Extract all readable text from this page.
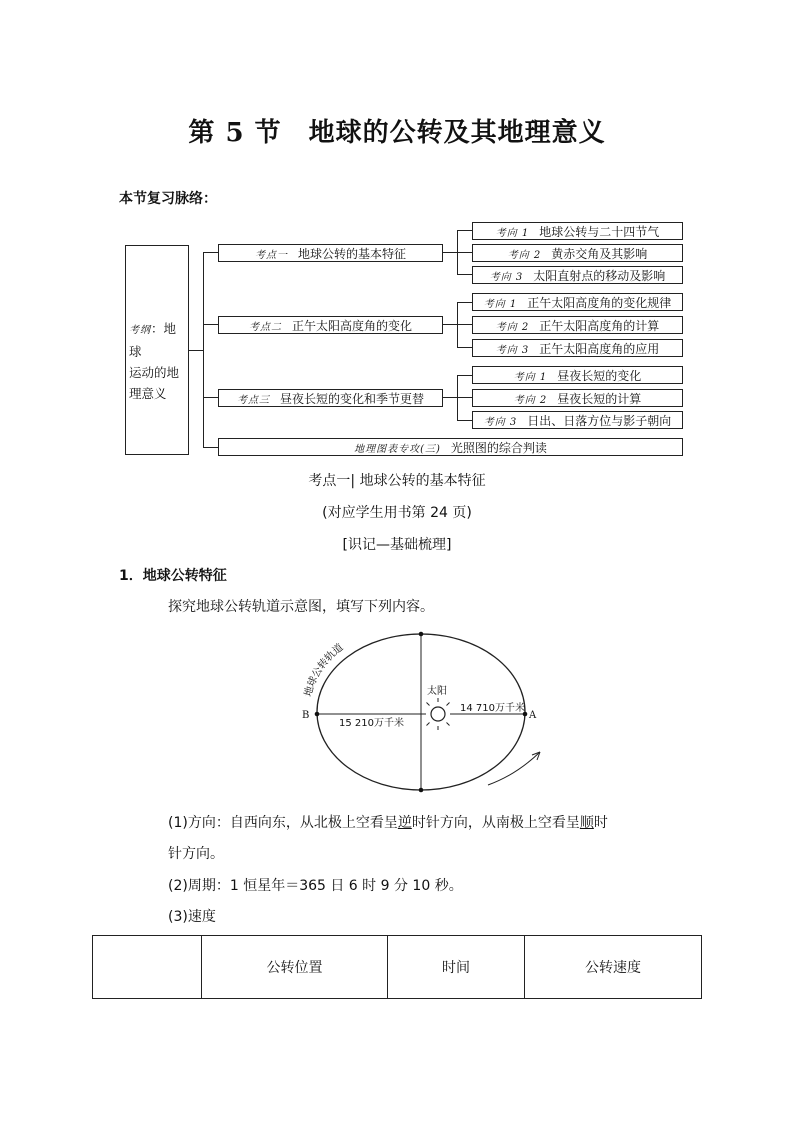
第 5 节　地球的公转及其地理意义
本节复习脉络：
考纲：地球
运动的地
理意义
考点一 地球公转的基本特征
考点二 正午太阳高度角的变化
考点三 昼夜长短的变化和季节更替
考向 1 地球公转与二十四节气
考向 2 黄赤交角及其影响
考向 3 太阳直射点的移动及影响
考向 1 正午太阳高度角的变化规律
考向 2 正午太阳高度角的计算
考向 3 正午太阳高度角的应用
考向 1 昼夜长短的变化
考向 2 昼夜长短的计算
考向 3 日出、日落方位与影子朝向
地理图表专攻(三) 光照图的综合判读
考点一| 地球公转的基本特征
(对应学生用书第 24 页)
[识记—基础梳理]
1．地球公转特征
探究地球公转轨道示意图，填写下列内容。
地球公转轨道
太阳
B	A
15 210万千米
14 710万千米
(1)方向：自西向东，从北极上空看呈逆时针方向，从南极上空看呈顺时
针方向。
(2)周期：1 恒星年＝365 日 6 时 9 分 10 秒。
(3)速度
	公转位置	时间	公转速度
